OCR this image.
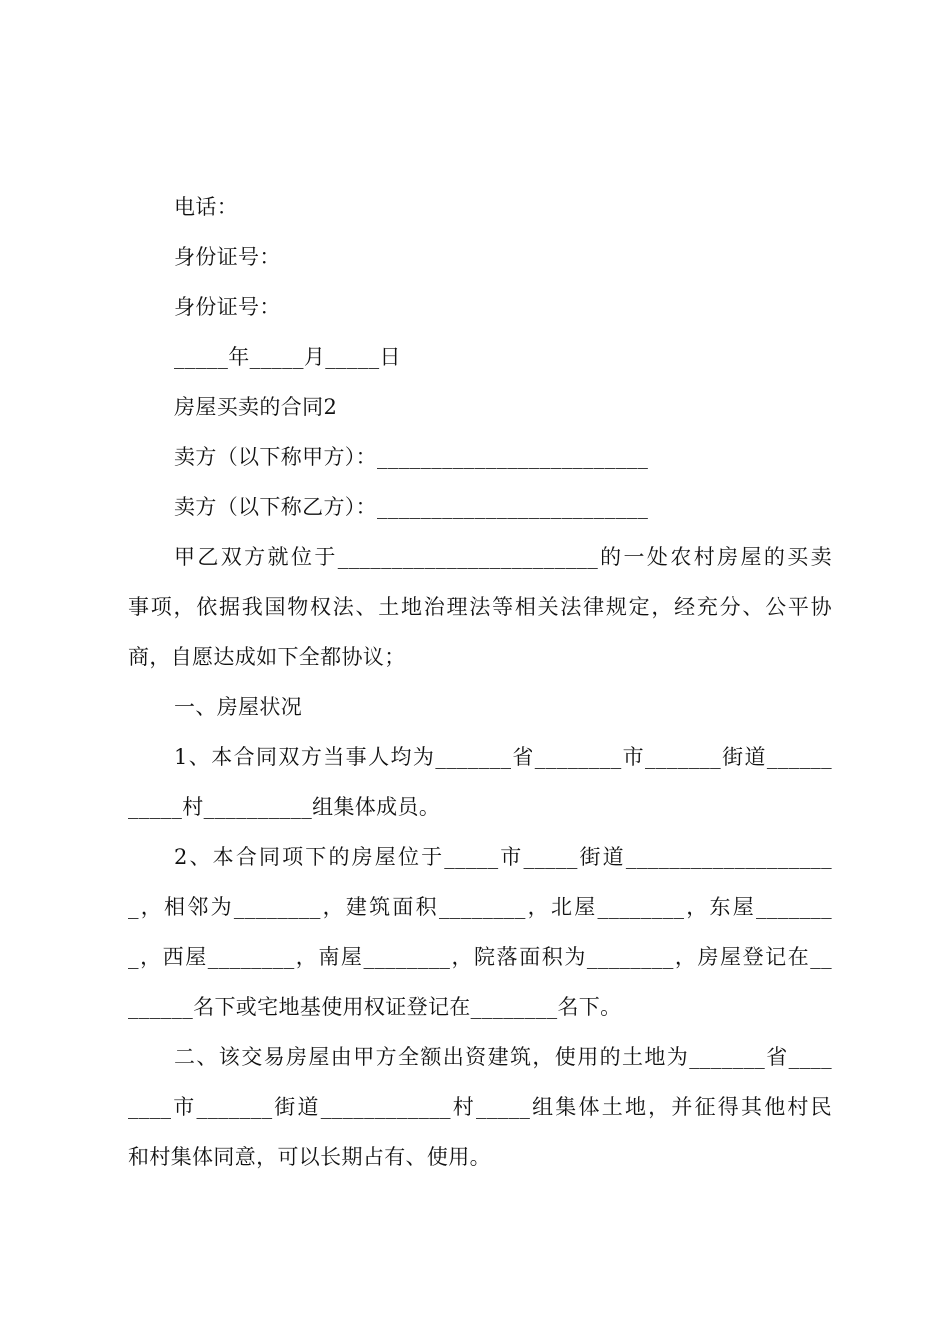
电话：
身份证号：
身份证号：
_____年_____月_____日
房屋买卖的合同2
卖方（以下称甲方）：_________________________
卖方（以下称乙方）：_________________________
甲乙双方就位于________________________的一处农村房屋的买卖
事项，依据我国物权法、土地治理法等相关法律规定，经充分、公平协
商，自愿达成如下全都协议；
一、房屋状况
1、本合同双方当事人均为_______省________市_______街道______
_____村__________组集体成员。
2、本合同项下的房屋位于_____市_____街道___________________
_，相邻为________，建筑面积________，北屋________，东屋_______
_，西屋________，南屋________，院落面积为________，房屋登记在__
______名下或宅地基使用权证登记在________名下。
二、该交易房屋由甲方全额出资建筑，使用的土地为_______省____
____市_______街道____________村_____组集体土地，并征得其他村民
和村集体同意，可以长期占有、使用。
